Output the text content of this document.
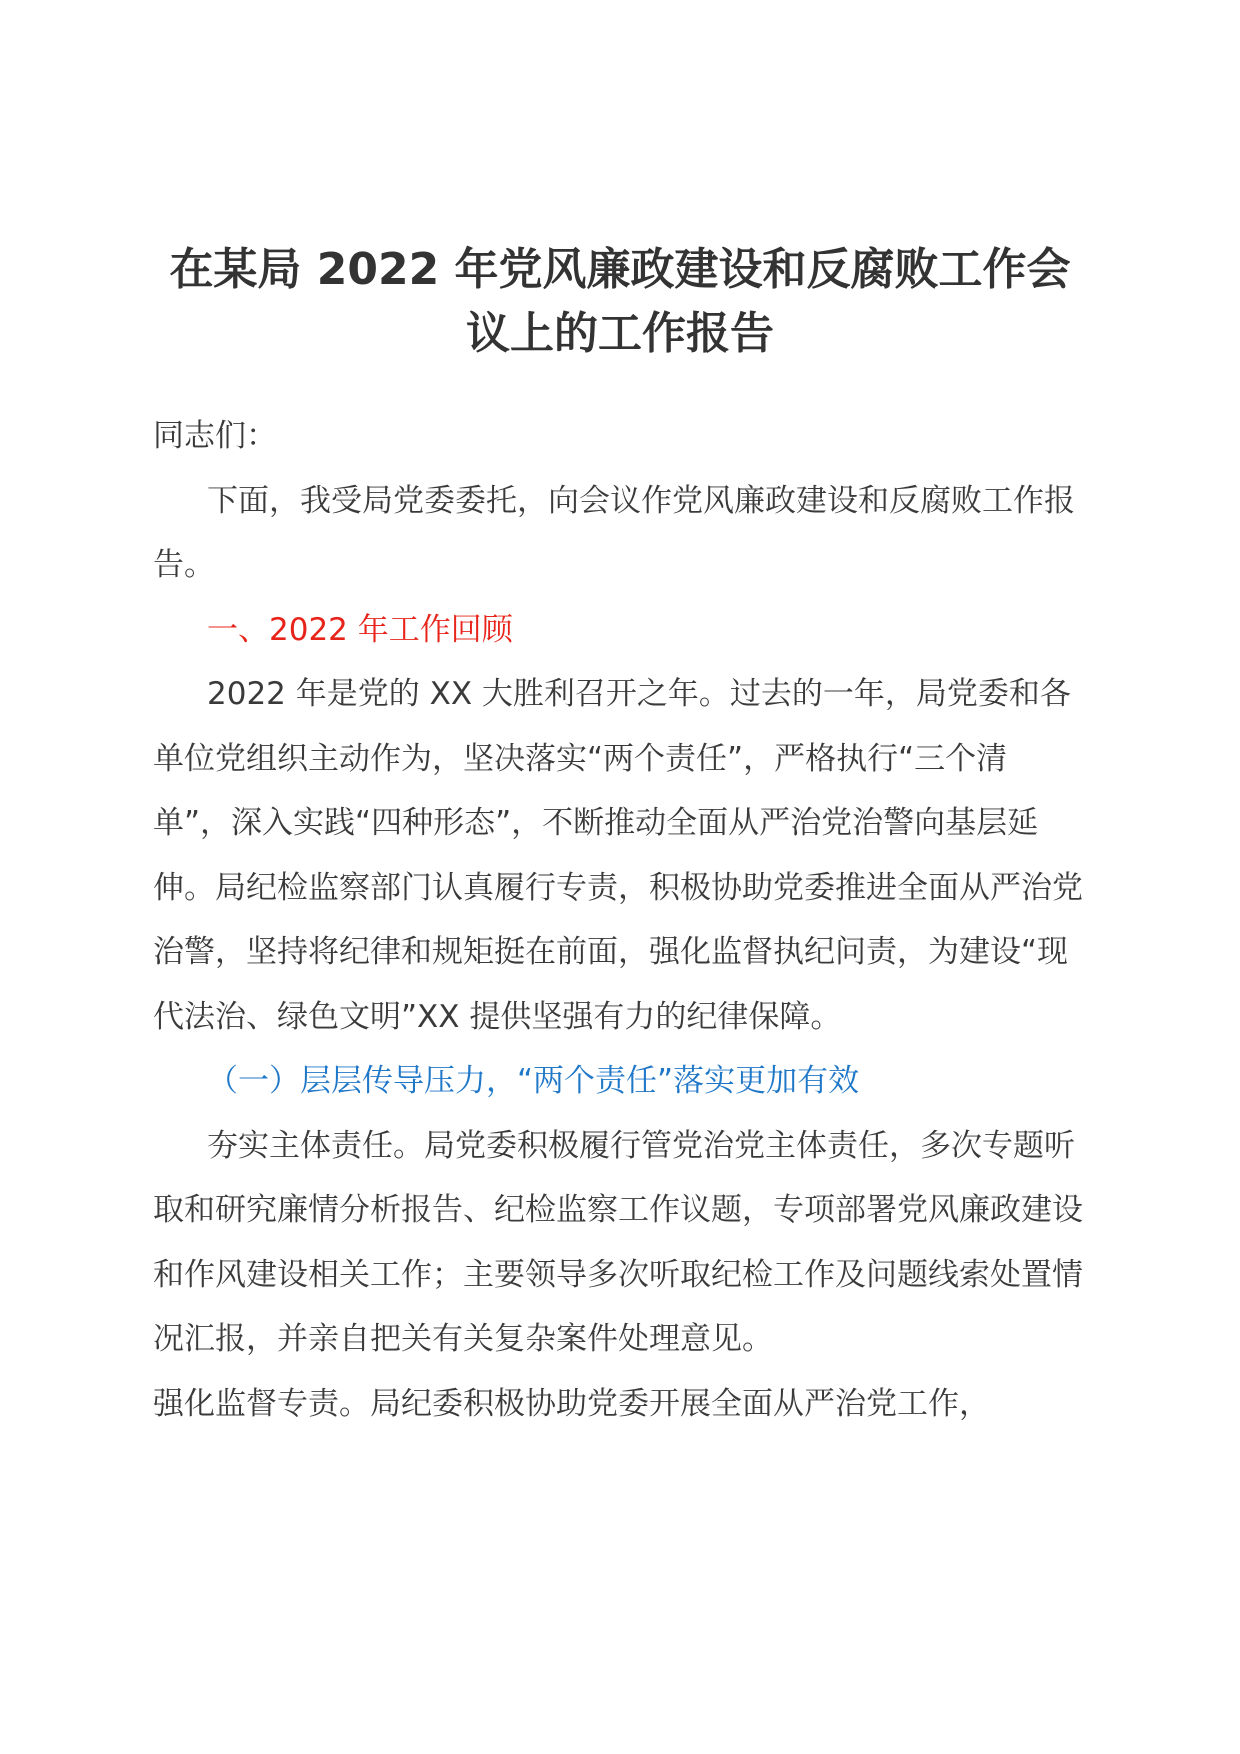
在某局 2022 年党风廉政建设和反腐败工作会议上的工作报告

同志们：

下面，我受局党委委托，向会议作党风廉政建设和反腐败工作报告。

一、2022 年工作回顾

2022 年是党的 XX 大胜利召开之年。过去的一年，局党委和各单位党组织主动作为，坚决落实“两个责任”，严格执行“三个清单”，深入实践“四种形态”，不断推动全面从严治党治警向基层延伸。局纪检监察部门认真履行专责，积极协助党委推进全面从严治党治警，坚持将纪律和规矩挺在前面，强化监督执纪问责，为建设“现代法治、绿色文明”XX 提供坚强有力的纪律保障。

（一）层层传导压力，“两个责任”落实更加有效

夯实主体责任。局党委积极履行管党治党主体责任，多次专题听取和研究廉情分析报告、纪检监察工作议题，专项部署党风廉政建设和作风建设相关工作；主要领导多次听取纪检工作及问题线索处置情况汇报，并亲自把关有关复杂案件处理意见。

强化监督专责。局纪委积极协助党委开展全面从严治党工作，
